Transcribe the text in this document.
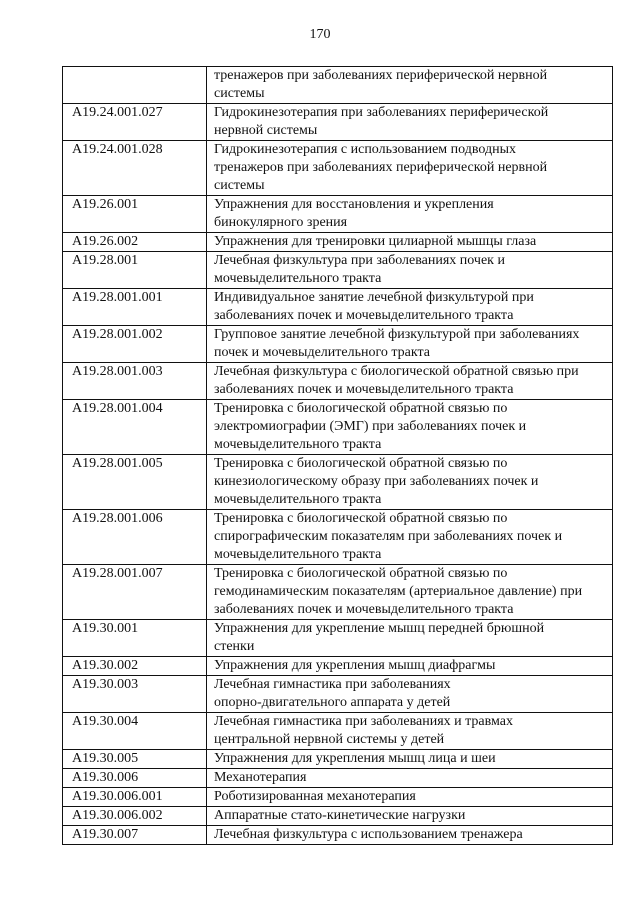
170
	тренажеров при заболеваниях периферической нервной
системы
A19.24.001.027	Гидрокинезотерапия при заболеваниях периферической
нервной системы
A19.24.001.028	Гидрокинезотерапия с использованием подводных
тренажеров при заболеваниях периферической нервной
системы
A19.26.001	Упражнения для восстановления и укрепления
бинокулярного зрения
A19.26.002	Упражнения для тренировки цилиарной мышцы глаза
A19.28.001	Лечебная физкультура при заболеваниях почек и
мочевыделительного тракта
A19.28.001.001	Индивидуальное занятие лечебной физкультурой при
заболеваниях почек и мочевыделительного тракта
A19.28.001.002	Групповое занятие лечебной физкультурой при заболеваниях
почек и мочевыделительного тракта
A19.28.001.003	Лечебная физкультура с биологической обратной связью при
заболеваниях почек и мочевыделительного тракта
A19.28.001.004	Тренировка с биологической обратной связью по
электромиографии (ЭМГ) при заболеваниях почек и
мочевыделительного тракта
A19.28.001.005	Тренировка с биологической обратной связью по
кинезиологическому образу при заболеваниях почек и
мочевыделительного тракта
A19.28.001.006	Тренировка с биологической обратной связью по
спирографическим показателям при заболеваниях почек и
мочевыделительного тракта
A19.28.001.007	Тренировка с биологической обратной связью по
гемодинамическим показателям (артериальное давление) при
заболеваниях почек и мочевыделительного тракта
A19.30.001	Упражнения для укрепление мышц передней брюшной
стенки
A19.30.002	Упражнения для укрепления мышц диафрагмы
A19.30.003	Лечебная гимнастика при заболеваниях
опорно-двигательного аппарата у детей
A19.30.004	Лечебная гимнастика при заболеваниях и травмах
центральной нервной системы у детей
A19.30.005	Упражнения для укрепления мышц лица и шеи
A19.30.006	Механотерапия
A19.30.006.001	Роботизированная механотерапия
A19.30.006.002	Аппаратные стато-кинетические нагрузки
A19.30.007	Лечебная физкультура с использованием тренажера
